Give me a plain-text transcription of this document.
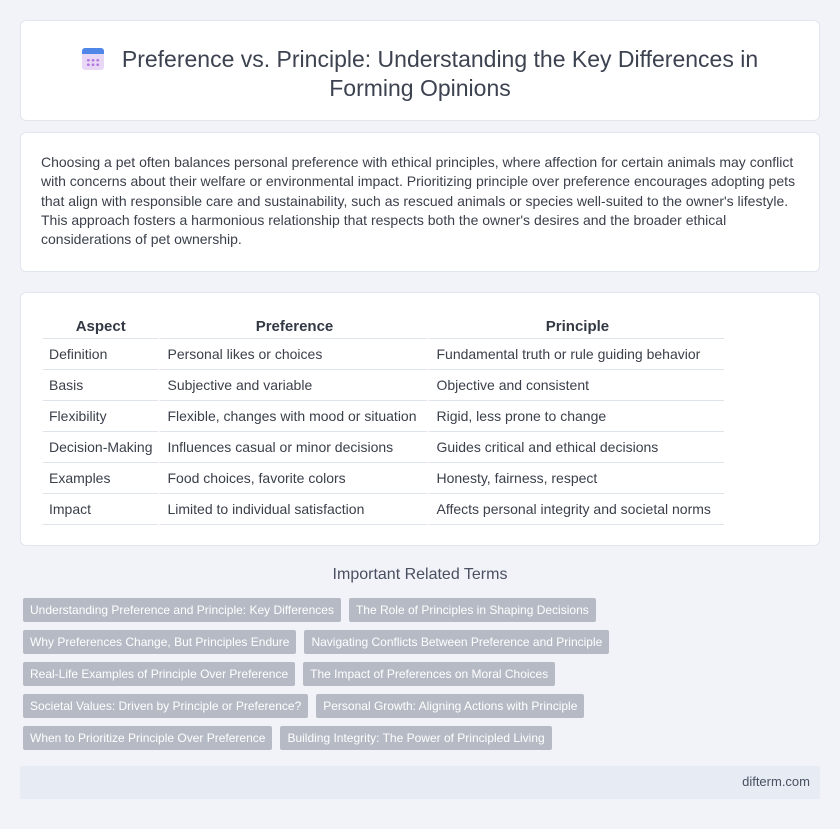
Preference vs. Principle: Understanding the Key Differences in Forming Opinions

Choosing a pet often balances personal preference with ethical principles, where affection for certain animals may conflict with concerns about their welfare or environmental impact. Prioritizing principle over preference encourages adopting pets that align with responsible care and sustainability, such as rescued animals or species well-suited to the owner's lifestyle. This approach fosters a harmonious relationship that respects both the owner's desires and the broader ethical considerations of pet ownership.

Aspect	Preference	Principle
Definition	Personal likes or choices	Fundamental truth or rule guiding behavior
Basis	Subjective and variable	Objective and consistent
Flexibility	Flexible, changes with mood or situation	Rigid, less prone to change
Decision-Making	Influences casual or minor decisions	Guides critical and ethical decisions
Examples	Food choices, favorite colors	Honesty, fairness, respect
Impact	Limited to individual satisfaction	Affects personal integrity and societal norms
Important Related Terms
Understanding Preference and Principle: Key Differences	The Role of Principles in Shaping Decisions
Why Preferences Change, But Principles Endure	Navigating Conflicts Between Preference and Principle
Real-Life Examples of Principle Over Preference	The Impact of Preferences on Moral Choices
Societal Values: Driven by Principle or Preference?	Personal Growth: Aligning Actions with Principle
When to Prioritize Principle Over Preference	Building Integrity: The Power of Principled Living
difterm.com
